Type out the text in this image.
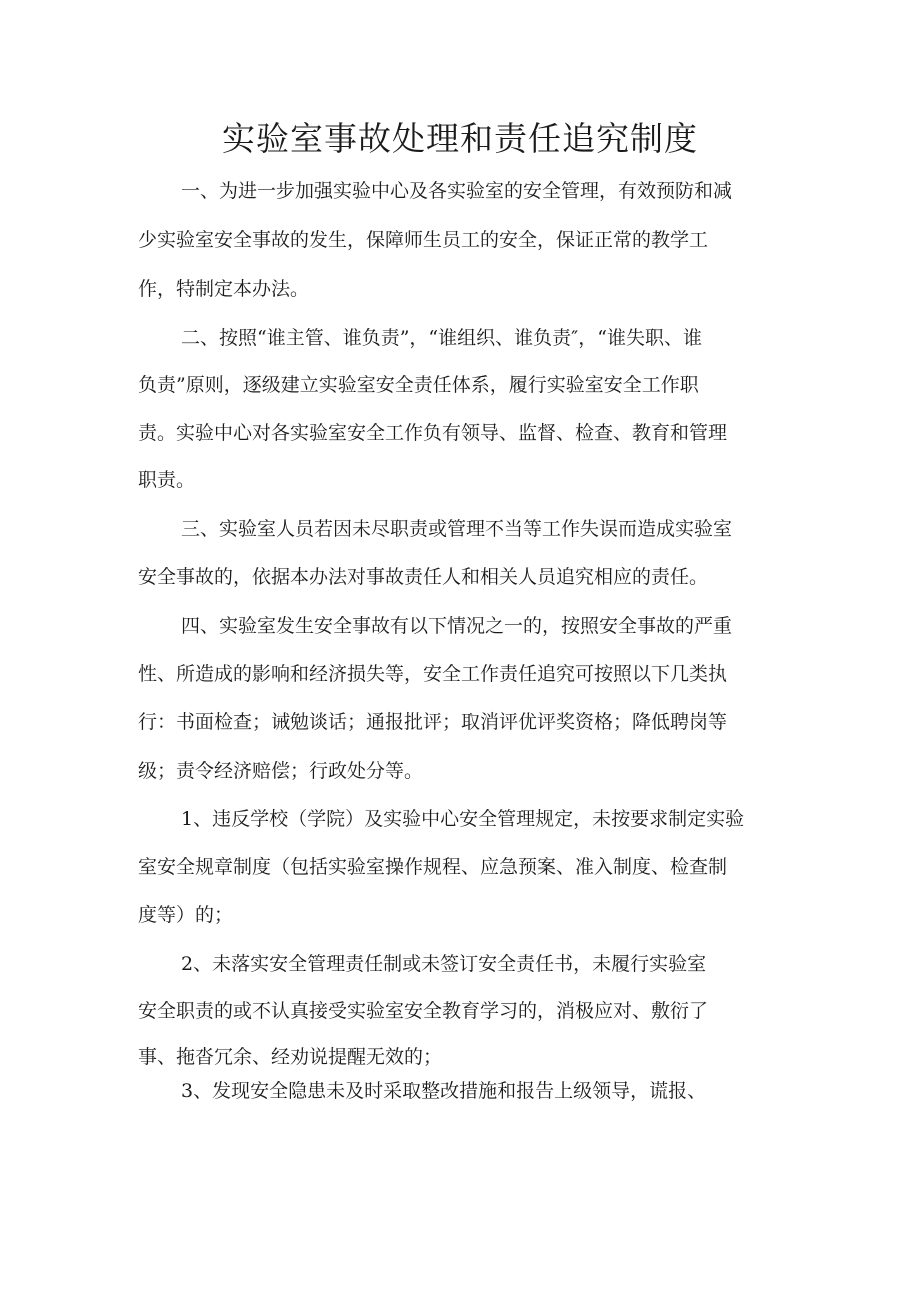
实验室事故处理和责任追究制度

一、为进一步加强实验中心及各实验室的安全管理，有效预防和减

少实验室安全事故的发生，保障师生员工的安全，保证正常的教学工

作，特制定本办法。

二、按照“谁主管、谁负责”，“谁组织、谁负责″，“谁失职、谁

负责”原则，逐级建立实验室安全责任体系，履行实验室安全工作职

责。实验中心对各实验室安全工作负有领导、监督、检查、教育和管理

职责。

三、实验室人员若因未尽职责或管理不当等工作失误而造成实验室

安全事故的，依据本办法对事故责任人和相关人员追究相应的责任。

四、实验室发生安全事故有以下情况之一的，按照安全事故的严重

性、所造成的影响和经济损失等，安全工作责任追究可按照以下几类执

行：书面检查；诫勉谈话；通报批评；取消评优评奖资格；降低聘岗等

级；责令经济赔偿；行政处分等。

1、违反学校（学院）及实验中心安全管理规定，未按要求制定实验

室安全规章制度（包括实验室操作规程、应急预案、准入制度、检查制

度等）的；

2、未落实安全管理责任制或未签订安全责任书，未履行实验室

安全职责的或不认真接受实验室安全教育学习的，消极应对、敷衍了

事、拖沓冗余、经劝说提醒无效的；

3、发现安全隐患未及时采取整改措施和报告上级领导，谎报、
